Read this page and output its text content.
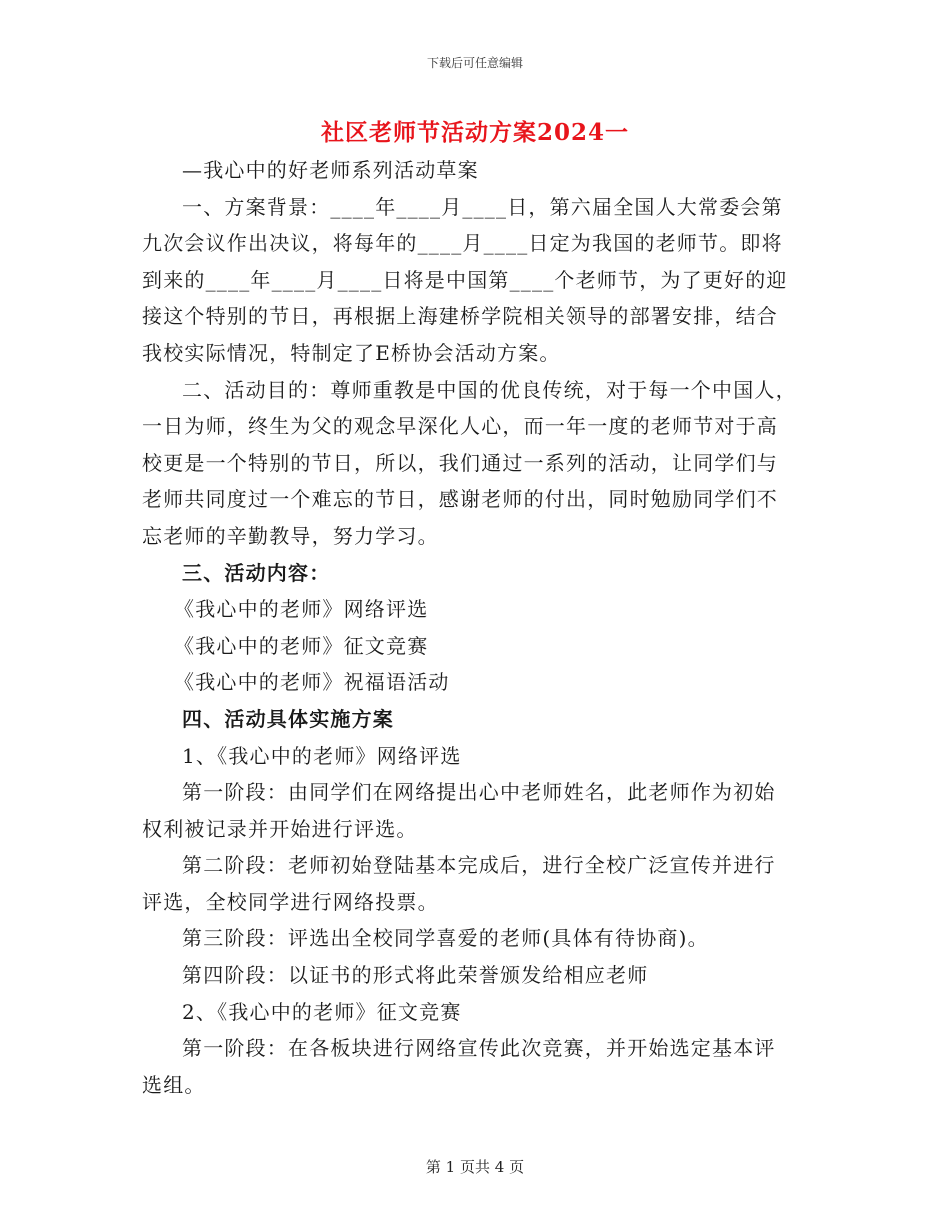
下载后可任意编辑
社区老师节活动方案2024一

—我心中的好老师系列活动草案

一、方案背景：____年____月____日，第六届全国人大常委会第

九次会议作出决议，将每年的____月____日定为我国的老师节。即将

到来的____年____月____日将是中国第____个老师节，为了更好的迎

接这个特别的节日，再根据上海建桥学院相关领导的部署安排，结合

我校实际情况，特制定了E桥协会活动方案。

二、活动目的：尊师重教是中国的优良传统，对于每一个中国人，

一日为师，终生为父的观念早深化人心，而一年一度的老师节对于高

校更是一个特别的节日，所以，我们通过一系列的活动，让同学们与

老师共同度过一个难忘的节日，感谢老师的付出，同时勉励同学们不

忘老师的辛勤教导，努力学习。

三、活动内容：

《我心中的老师》网络评选

《我心中的老师》征文竞赛

《我心中的老师》祝福语活动

四、活动具体实施方案

1、《我心中的老师》网络评选

第一阶段：由同学们在网络提出心中老师姓名，此老师作为初始

权利被记录并开始进行评选。

第二阶段：老师初始登陆基本完成后，进行全校广泛宣传并进行

评选，全校同学进行网络投票。

第三阶段：评选出全校同学喜爱的老师(具体有待协商)。

第四阶段：以证书的形式将此荣誉颁发给相应老师

2、《我心中的老师》征文竞赛

第一阶段：在各板块进行网络宣传此次竞赛，并开始选定基本评

选组。

第 1 页共 4 页
